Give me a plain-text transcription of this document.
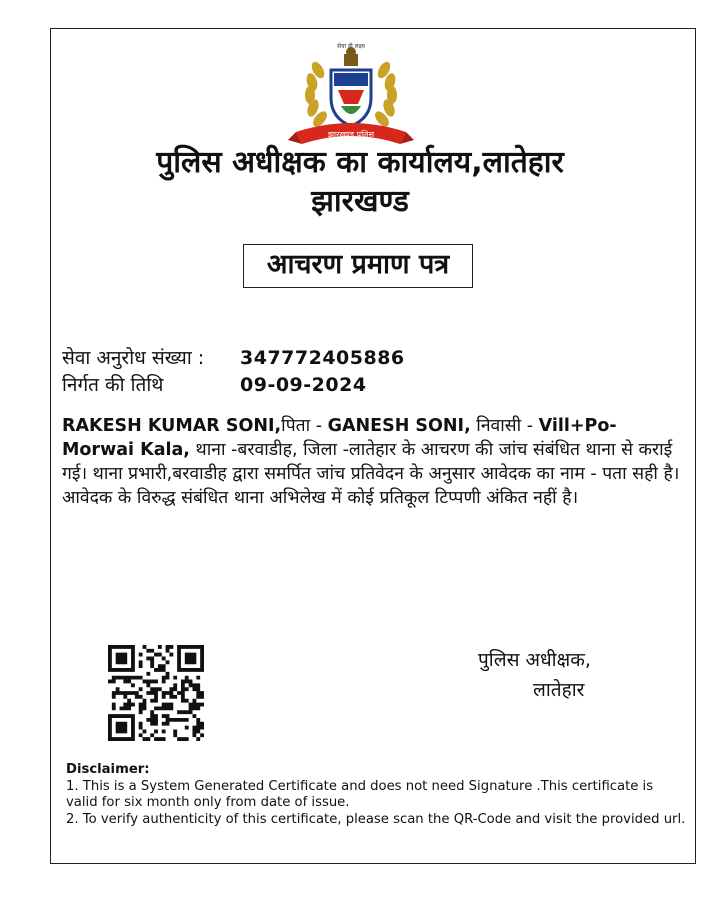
झारखण्ड पुलिस
सेवा ही लक्ष्य
पुलिस अधीक्षक का कार्यालय,लातेहार
झारखण्ड
आचरण प्रमाण पत्र
सेवा अनुरोध संख्या : 347772405886
निर्गत की तिथि	09-09-2024
RAKESH KUMAR SONI,पिता - GANESH SONI, निवासी - Vill+Po- Morwai Kala, थाना -बरवाडीह, जिला -लातेहार के आचरण की जांच संबंधित थाना से कराई गई। थाना प्रभारी,बरवाडीह द्वारा समर्पित जांच प्रतिवेदन के अनुसार आवेदक का नाम - पता सही है। आवेदक के विरुद्ध संबंधित थाना अभिलेख में कोई प्रतिकूल टिप्पणी अंकित नहीं है।
पुलिस अधीक्षक,
लातेहार
Disclaimer:
1. This is a System Generated Certificate and does not need Signature .This certificate is valid for six month only from date of issue.
2. To verify authenticity of this certificate, please scan the QR-Code and visit the provided url.
